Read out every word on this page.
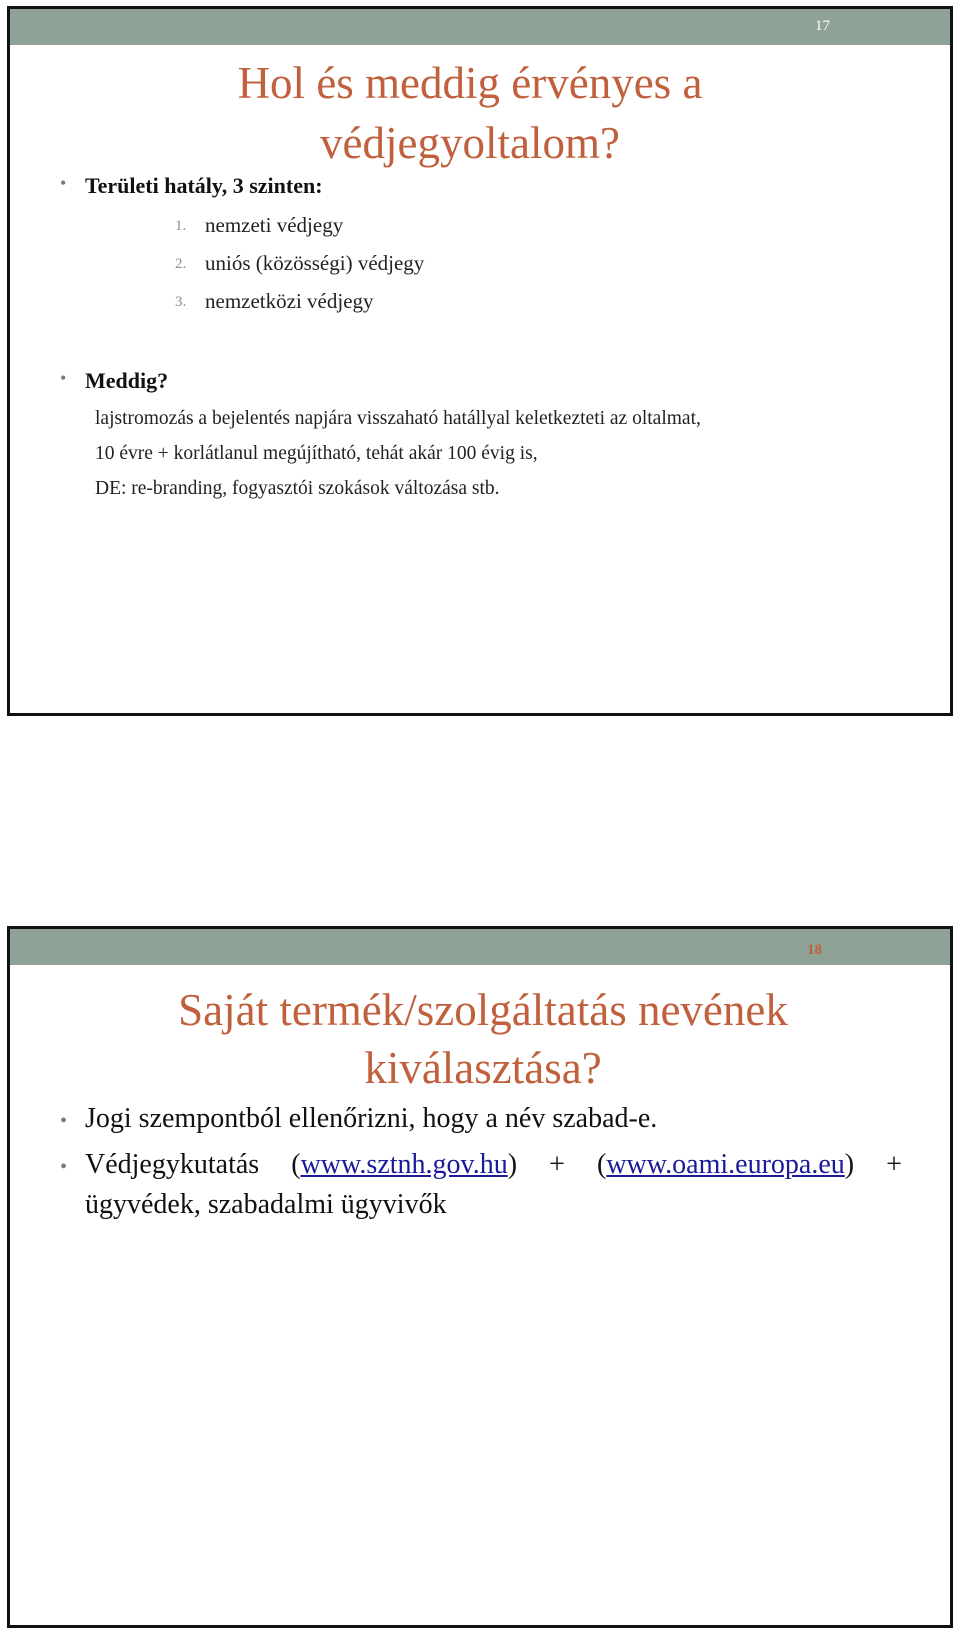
17
Hol és meddig érvényes a
védjegyoltalom?
• Területi hatály, 3 szinten:
1. nemzeti védjegy
2. uniós (közösségi) védjegy
3. nemzetközi védjegy
• Meddig?
lajstromozás a bejelentés napjára visszaható hatállyal keletkezteti az oltalmat,
10 évre + korlátlanul megújítható, tehát akár 100 évig is,
DE: re-branding, fogyasztói szokások változása stb.
18
Saját termék/szolgáltatás nevének
kiválasztása?
• Jogi szempontból ellenőrizni, hogy a név szabad-e.
• Védjegykutatás (www.sztnh.gov.hu) + (www.oami.europa.eu) +
ügyvédek, szabadalmi ügyvivők
